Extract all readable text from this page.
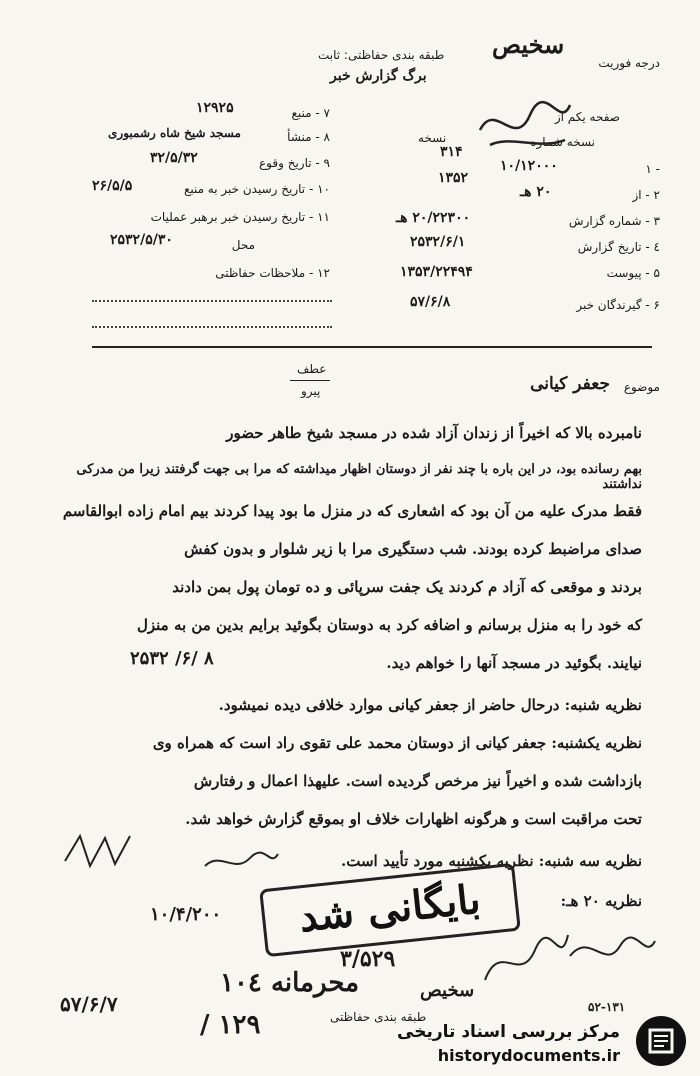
سخیص
درجه فوریت
طبقه بندی حفاظتی: ثابت
برگ گزارش خبر
صفحه یکم از
نسخه شماره
نسخه
۳۱۴
۱ -
۱۰/۱۲۰۰۰
۲ - از
۲۰ هـ
۳ - شماره گزارش
۲۰/۲۲۳۰۰ هـ
٤ - تاریخ گزارش
۲۵۳۲/۶/۱
۵ - پیوست
۱۳۵۳/۲۲۴۹۴
۶ - گیرندگان خبر
۵۷/۶/۸
۱۳۵۲
۷ - منبع
۱۲۹۲۵
۸ - منشأ
مسجد شیخ شاه رشمبوری
۹ - تاریخ وقوع
۳۲/۵/۳۲
۱۰ - تاریخ رسیدن خبر به منبع
۲۶/۵/۵
۱۱ - تاریخ رسیدن خبر برهبر عملیات
محل
۲۵۳۲/۵/۳۰
۱۲ - ملاحظات حفاظتی
عطف
پیرو	موضوع
جعفر کیانی
نامبرده بالا که اخیراً از زندان آزاد شده در مسجد شیخ طاهر حضور
بهم رسانده بود، در این باره با چند نفر از دوستان اظهار میداشته که مرا بی جهت گرفتند زیرا من مدرکی نداشتند
فقط مدرک علیه من آن بود که اشعاری که در منزل ما بود پیدا کردند بیم امام زاده ابوالقاسم
صدای مراضبط کرده بودند. شب دستگیری مرا با زیر شلوار و بدون کفش
بردند و موقعی که آزاد م کردند یک جفت سرپائی و ده تومان پول بمن دادند
که خود را به منزل برسانم و اضافه کرد به دوستان بگوئید برایم بدین من به منزل
نیایند. بگوئید در مسجد آنها را خواهم دید.
۲۵۳۲ /۶/ ۸
نظریه شنبه: درحال حاضر از جعفر کیانی موارد خلافی دیده نمیشود.
نظریه یکشنبه: جعفر کیانی از دوستان محمد علی تقوی راد است که همراه وی
بازداشت شده و اخیراً نیز مرخص گردیده است. علیهذا اعمال و رفتارش
تحت مراقبت است و هرگونه اظهارات خلاف او بموقع گزارش خواهد شد.
نظریه سه شنبه: نظریه یکشنبه مورد تأیید است.
نظریه ۲۰ هـ:
بایگانی شد
۳/۵۲۹
۱۰/۴/۲۰۰
۵۷/۶/۷
/ ۱۲۹
محرمانه ۱۰٤
۵۲-۱۳۱
سخیص
طبقه بندی حفاظتی
مرکز بررسی اسناد تاریخی
historydocuments.ir
